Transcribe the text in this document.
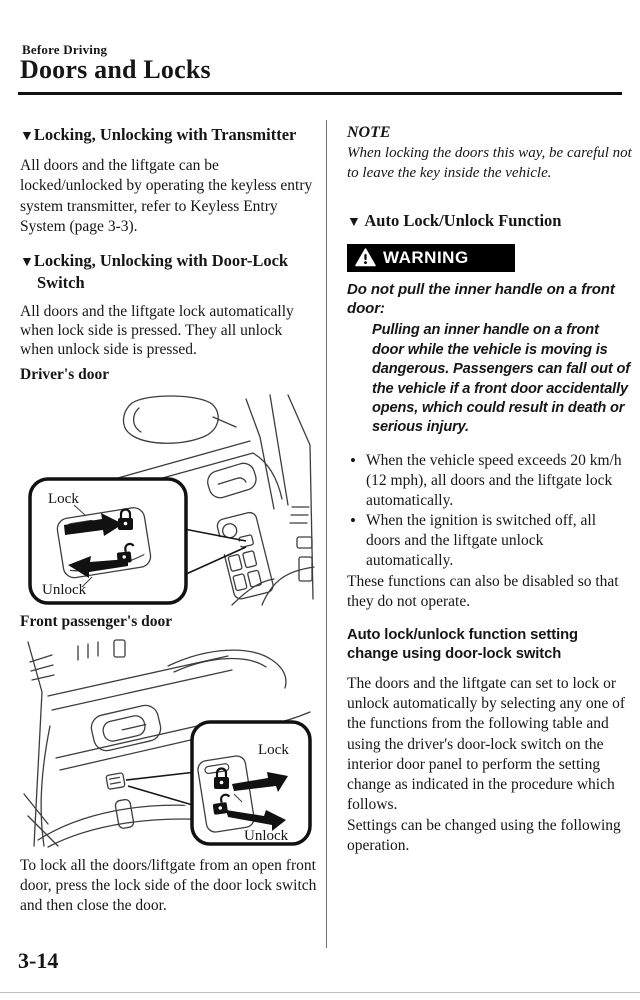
Before Driving
Doors and Locks
3-14
▼Locking, Unlocking with Transmitter

All doors and the liftgate can be locked/unlocked by operating the keyless entry system transmitter, refer to Keyless Entry System (page 3-3).

▼Locking, Unlocking with Door-Lock Switch

All doors and the liftgate lock automatically when lock side is pressed. They all unlock when unlock side is pressed.

Driver's door

Lock
Unlock

Front passenger's door

Lock
Unlock

To lock all the doors/liftgate from an open front door, press the lock side of the door lock switch and then close the door.

NOTE

When locking the doors this way, be careful not to leave the key inside the vehicle.

▼ Auto Lock/Unlock Function
WARNING

Do not pull the inner handle on a front door:

Pulling an inner handle on a front door while the vehicle is moving is dangerous. Passengers can fall out of the vehicle if a front door accidentally opens, which could result in death or serious injury.

• When the vehicle speed exceeds 20 km/h (12 mph), all doors and the liftgate lock automatically.
• When the ignition is switched off, all doors and the liftgate unlock automatically.

These functions can also be disabled so that they do not operate.

Auto lock/unlock function setting change using door-lock switch

The doors and the liftgate can set to lock or unlock automatically by selecting any one of the functions from the following table and using the driver's door-lock switch on the interior door panel to perform the setting change as indicated in the procedure which follows.

Settings can be changed using the following operation.
